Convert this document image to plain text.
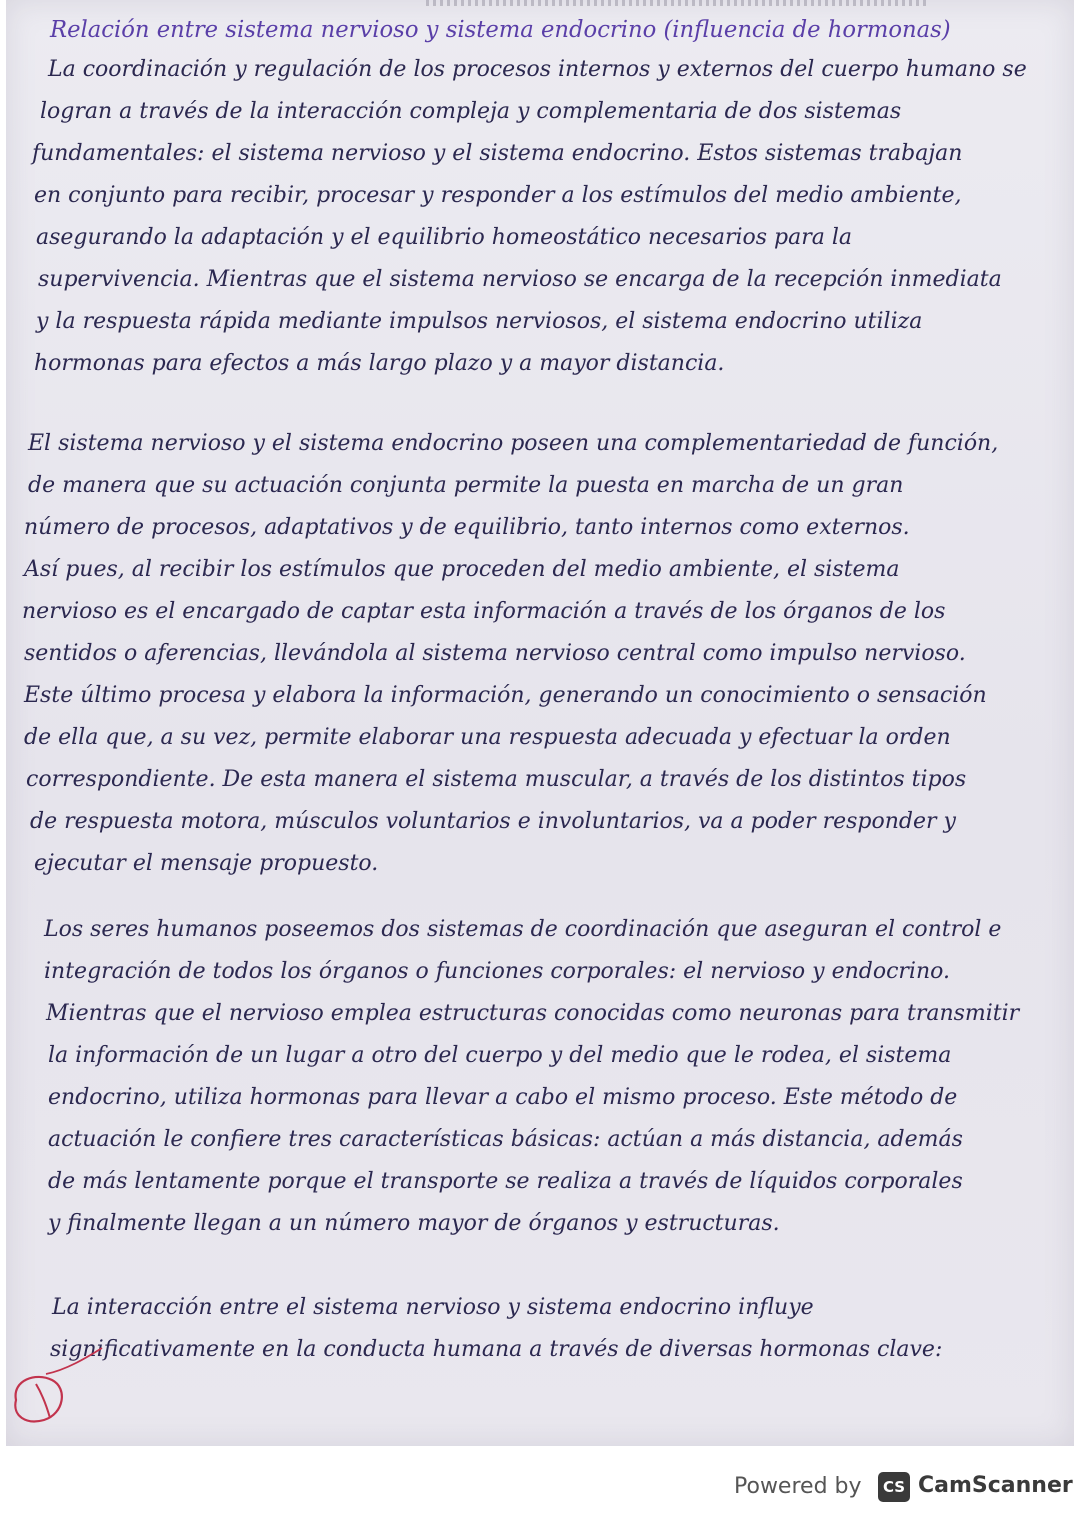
Relación entre sistema nervioso y sistema endocrino (influencia de hormonas)

La coordinación y regulación de los procesos internos y externos del cuerpo humano se

logran a través de la interacción compleja y complementaria de dos sistemas

fundamentales: el sistema nervioso y el sistema endocrino. Estos sistemas trabajan

en conjunto para recibir, procesar y responder a los estímulos del medio ambiente,

asegurando la adaptación y el equilibrio homeostático necesarios para la

supervivencia. Mientras que el sistema nervioso se encarga de la recepción inmediata

y la respuesta rápida mediante impulsos nerviosos, el sistema endocrino utiliza

hormonas para efectos a más largo plazo y a mayor distancia.

El sistema nervioso y el sistema endocrino poseen una complementariedad de función,

de manera que su actuación conjunta permite la puesta en marcha de un gran

número de procesos, adaptativos y de equilibrio, tanto internos como externos.

Así pues, al recibir los estímulos que proceden del medio ambiente, el sistema

nervioso es el encargado de captar esta información a través de los órganos de los

sentidos o aferencias, llevándola al sistema nervioso central como impulso nervioso.

Este último procesa y elabora la información, generando un conocimiento o sensación

de ella que, a su vez, permite elaborar una respuesta adecuada y efectuar la orden

correspondiente. De esta manera el sistema muscular, a través de los distintos tipos

de respuesta motora, músculos voluntarios e involuntarios, va a poder responder y

ejecutar el mensaje propuesto.

Los seres humanos poseemos dos sistemas de coordinación que aseguran el control e

integración de todos los órganos o funciones corporales: el nervioso y endocrino.

Mientras que el nervioso emplea estructuras conocidas como neuronas para transmitir

la información de un lugar a otro del cuerpo y del medio que le rodea, el sistema

endocrino, utiliza hormonas para llevar a cabo el mismo proceso. Este método de

actuación le confiere tres características básicas: actúan a más distancia, además

de más lentamente porque el transporte se realiza a través de líquidos corporales

y finalmente llegan a un número mayor de órganos y estructuras.

La interacción entre el sistema nervioso y sistema endocrino influye

significativamente en la conducta humana a través de diversas hormonas clave:

Powered by	CS CamScanner
